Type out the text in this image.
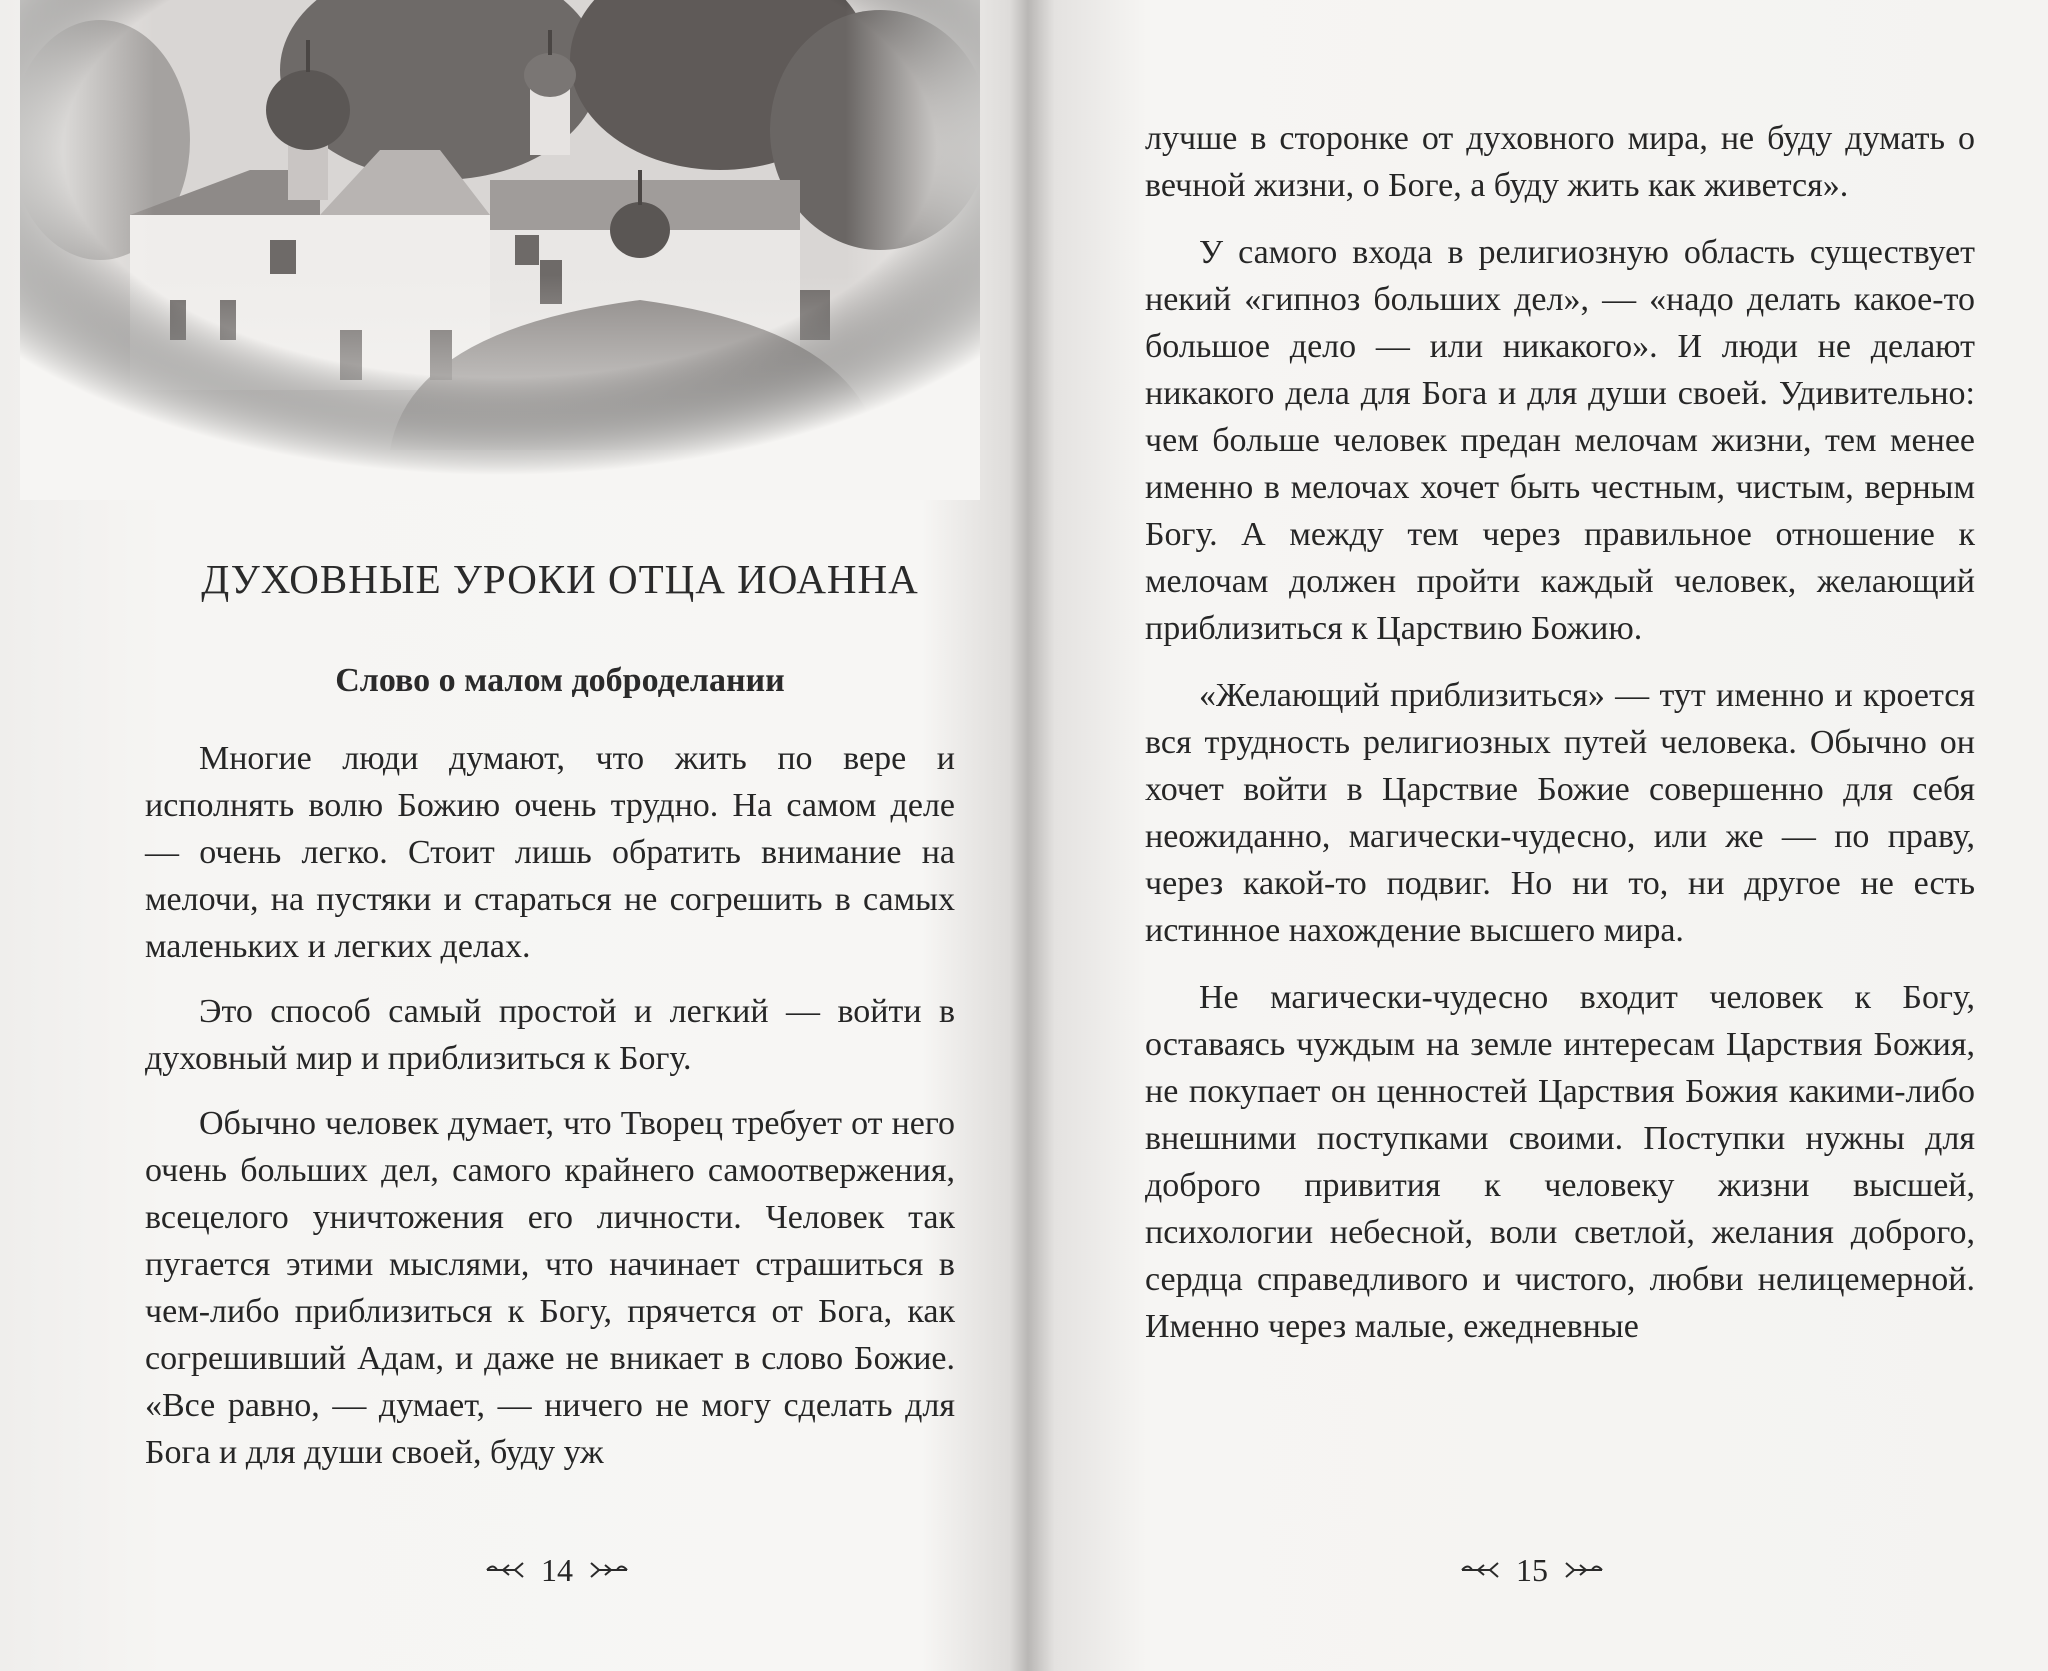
ДУХОВНЫЕ УРОКИ ОТЦА ИОАННА
Слово о малом добpоделании

Многие люди думают, что жить по вере и исполнять волю Божию очень трудно. На самом деле — очень легко. Стоит лишь обратить внимание на мелочи, на пустяки и стараться не согрешить в самых маленьких и легких делах.

Это способ самый простой и легкий — войти в духовный мир и приблизиться к Богу.

Обычно человек думает, что Творец требует от него очень больших дел, самого крайнего самоотвержения, всецелого уничтожения его личности. Человек так пугается этими мыслями, что начинает страшиться в чем-либо приблизиться к Богу, прячется от Бога, как согрешивший Адам, и даже не вникает в слово Божие. «Все равно, — думает, — ничего не могу сделать для Бога и для души своей, буду уж

14

лучше в сторонке от духовного мира, не буду думать о вечной жизни, о Боге, а буду жить как живется».

У самого входа в религиозную область существует некий «гипноз больших дел», — «надо делать какое-то большое дело — или никакого». И люди не делают никакого дела для Бога и для души своей. Удивительно: чем больше человек предан мелочам жизни, тем менее именно в мелочах хочет быть честным, чистым, верным Богу. А между тем через правильное отношение к мелочам должен пройти каждый человек, желающий приблизиться к Царствию Божию.

«Желающий приблизиться» — тут именно и кроется вся трудность религиозных путей человека. Обычно он хочет войти в Царствие Божие совершенно для себя неожиданно, магически-чудесно, или же — по праву, через какой-то подвиг. Но ни то, ни другое не есть истинное нахождение высшего мира.

Не магически-чудесно входит человек к Богу, оставаясь чуждым на земле интересам Царствия Божия, не покупает он ценностей Царствия Божия какими-либо внешними поступками своими. Поступки нужны для доброго привития к человеку жизни высшей, психологии небесной, воли светлой, желания доброго, сердца справедливого и чистого, любви нелицемерной. Именно через малые, ежедневные

15
